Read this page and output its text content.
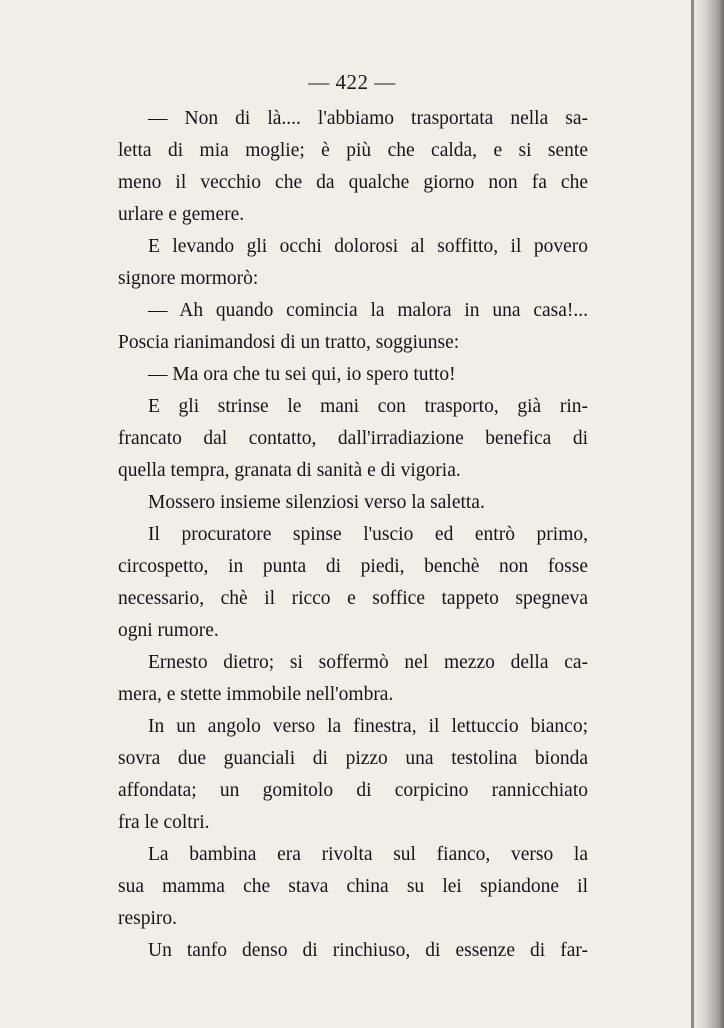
— 422 —
— Non di là.... l'abbiamo trasportata nella sa-
letta di mia moglie; è più che calda, e si sente
meno il vecchio che da qualche giorno non fa che
urlare e gemere.
E levando gli occhi dolorosi al soffitto, il povero
signore mormorò:
— Ah quando comincia la malora in una casa!...
Poscia rianimandosi di un tratto, soggiunse:
— Ma ora che tu sei qui, io spero tutto!
E gli strinse le mani con trasporto, già rin-
francato dal contatto, dall'irradiazione benefica di
quella tempra, granata di sanità e di vigoria.
Mossero insieme silenziosi verso la saletta.
Il procuratore spinse l'uscio ed entrò primo,
circospetto, in punta di piedi, benchè non fosse
necessario, chè il ricco e soffice tappeto spegneva
ogni rumore.
Ernesto dietro; si soffermò nel mezzo della ca-
mera, e stette immobile nell'ombra.
In un angolo verso la finestra, il lettuccio bianco;
sovra due guanciali di pizzo una testolina bionda
affondata; un gomitolo di corpicino rannicchiato
fra le coltri.
La bambina era rivolta sul fianco, verso la
sua mamma che stava china su lei spiandone il
respiro.
Un tanfo denso di rinchiuso, di essenze di far-
